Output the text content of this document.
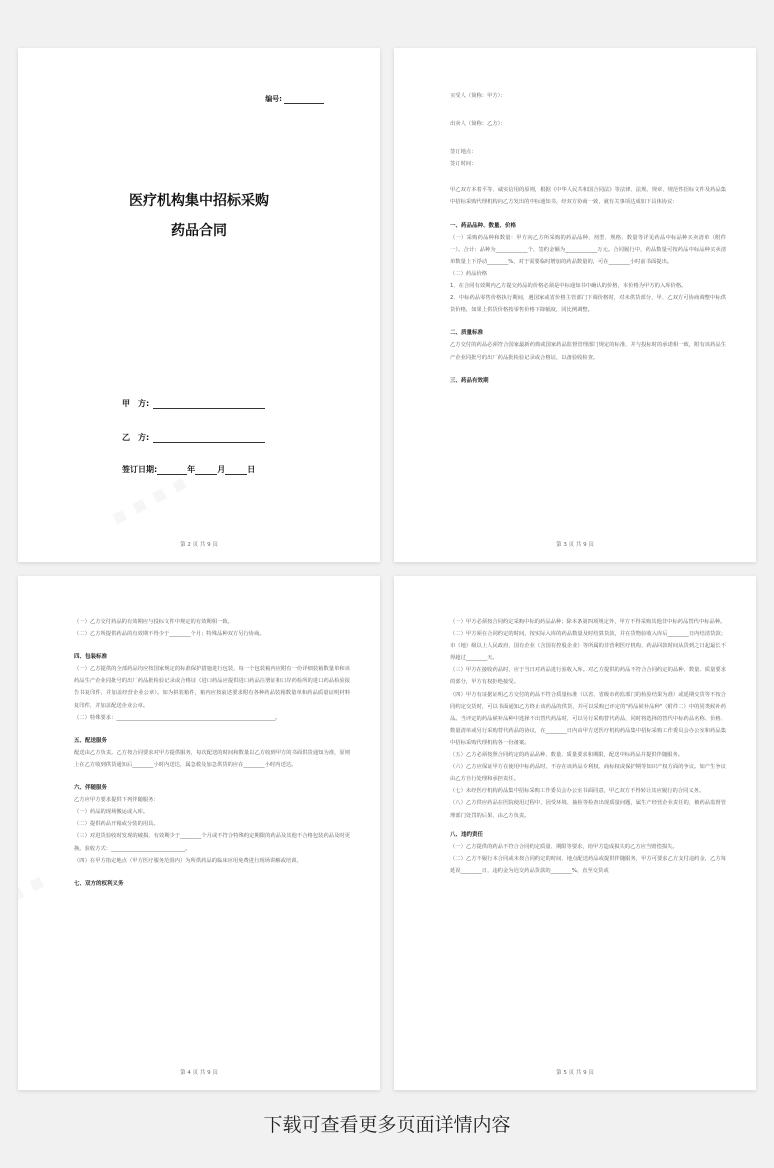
编号:
医疗机构集中招标采购
药品合同
甲　方:
乙　方:
签订日期:	年	月	日
第 2 页 共 9 页

买受人（简称：甲方）：

出卖人（简称：乙方）：

签订地点：

签订时间：

甲乙双方本着平等、诚实信用的原则，根据《中华人民共和国合同法》等法律、法规、规章、规范性招标文件及药品集中招标采购代理机构向乙方发出的中标通知书，经双方协商一致，就有关事项达成如下具体协议：

一、药品品种、数量、价格

（一）采购药品种和数量：甲方向乙方所采购的药品品种、剂型、规格、数量等详见药品中标品种买卖清单（附件一）。合计：品种为____________个，签约金额为____________万元。合同履行中，药品数量可按药品中标品种买卖清单数量上下浮动________%，对于需要临时增加的药品数量的，可在________小时前书面提出。

（二）药品价格

1．在合同有效期内乙方提交药品的价格必须是中标通知书中确认的价格，本价格为甲方的入库价格。

2．中标药品零售价格执行期间，遇国家或省价格主管部门下调价格时，对未供货部分，甲、乙双方可协商调整中标供货价格，如果上供货价格按零售价格下降幅度，同比例调整。

二、质量标准

乙方交付的药品必须符合国家最新药典或国家药品监督管理部门规定的标准，并与投标时的承诺相一致，附有该药品生产企业同批号的出厂药品批检验记录或合格证，以备验收检查。

三、药品有效期

第 3 页 共 9 页

（一）乙方交付药品的有效期应与投标文件中规定的有效期相一致。

（二）乙方所提供药品的有效期不得少于________个月；特殊品种双方另行协商。

四、包装标准

（一）乙方提供的全部药品均应按国家规定的标准保护措施进行包装，每一个包装箱内应附有一份详细装箱数量单和该药品生产企业同批号的出厂药品批检验记录或合格证（进口药品应提供进口药品注册证和口岸药检所的进口药品检验报告书复印件，并加盖经营企业公章）。如为拼装箱件，箱内应按前述要求附有各种药品装箱数量单和药品质量证明材料复印件，并加盖配送企业公章。

（二）特殊要求：____________________________________________________________。

五、配送服务

配送由乙方负责。乙方按合同要求对甲方提供服务，每次配送的时间和数量以乙方收到甲方的书面供货通知为准，原则上在乙方收到供货通知后________小时内送达，属急救及加急供货的应在________小时内送达。

六、伴随服务

乙方应甲方要求提供下列伴随服务：

（一）药品的现场搬运或入库。

（二）提供药品开箱或分装的用具。

（三）对进货验收时发现的破损、有效期少于________个月或不符合特殊约定期限的药品及其他不合格包装药品及时更换。验收方式：____________________________。

（四）在甲方指定地点（甲方医疗服务范围内）为所供药品的临床应用免费进行现场讲解或培训。

七、双方的权利义务

第 4 页 共 9 页

（一）甲方必须按合同约定采购中标的药品品种；除本条第四项规定外，甲方不得采购其他非中标药品替代中标品种。

（二）甲方须在合同约定的时间，按实际入库的药品数量及时结算货款，并在货物验收入库后________日内结清货款；市（地）级以上人民政府、国有企业（含国有控股企业）等所属的非营利医疗机构，药品回款时间从货到之日起最长不得超过________天。

（三）甲方在接收药品时，应于当日对药品进行验收入库。对乙方提供的药品不符合合同约定的品种、数量、质量要求的部分，甲方有权拒绝接受。

（四）甲方有证据证明乙方交付的药品不符合质量标准（以省、省级市药监部门的检验结果为准）或延期交货等不按合同约定交货时，可以书面通知乙方终止该药品的供货，并可以采购已评定的"药品候补品种"（附件二）中的同类候补药品。当评定的药品候补品种中选择不出替代药品时，可以另行采购替代药品，同时将选择的替代中标药品名称、价格、数量清单或另行采购替代药品的协议，在________日内由甲方送医疗机构药品集中招标采购工作委员会办公室和药品集中招标采购代理机构各一份备案。

（五）乙方必须按照合同约定的药品品种、数量、质量要求和期限，配送中标药品并提供伴随服务。

（六）乙方应保证甲方在使用中标药品时，不存在该药品专利权、商标权或保护期等知识产权方面的争议。如产生争议由乙方自行处理和承担责任。

（七）未经医疗机构药品集中招标采购工作委员会办公室书面同意，甲乙双方不得转让其应履行的合同义务。

（八）乙方供应药品在医院使用过程中，因受环境、抽检等检查出现质量问题，属生产经营企业责任的，被药品监督管理部门处罚的后果，由乙方负责。

八、违约责任

（一）乙方提供的药品不符合合同约定质量、期限等要求，给甲方造成损失的乙方应当赔偿损失。

（二）乙方不履行本合同或未按合同约定的时间、地点配送药品或提供伴随服务，甲方可要求乙方支付违约金，乙方每延误________日，违约金为迟交药品货款的________%，直至交货或

第 5 页 共 9 页
下载可查看更多页面详情内容
